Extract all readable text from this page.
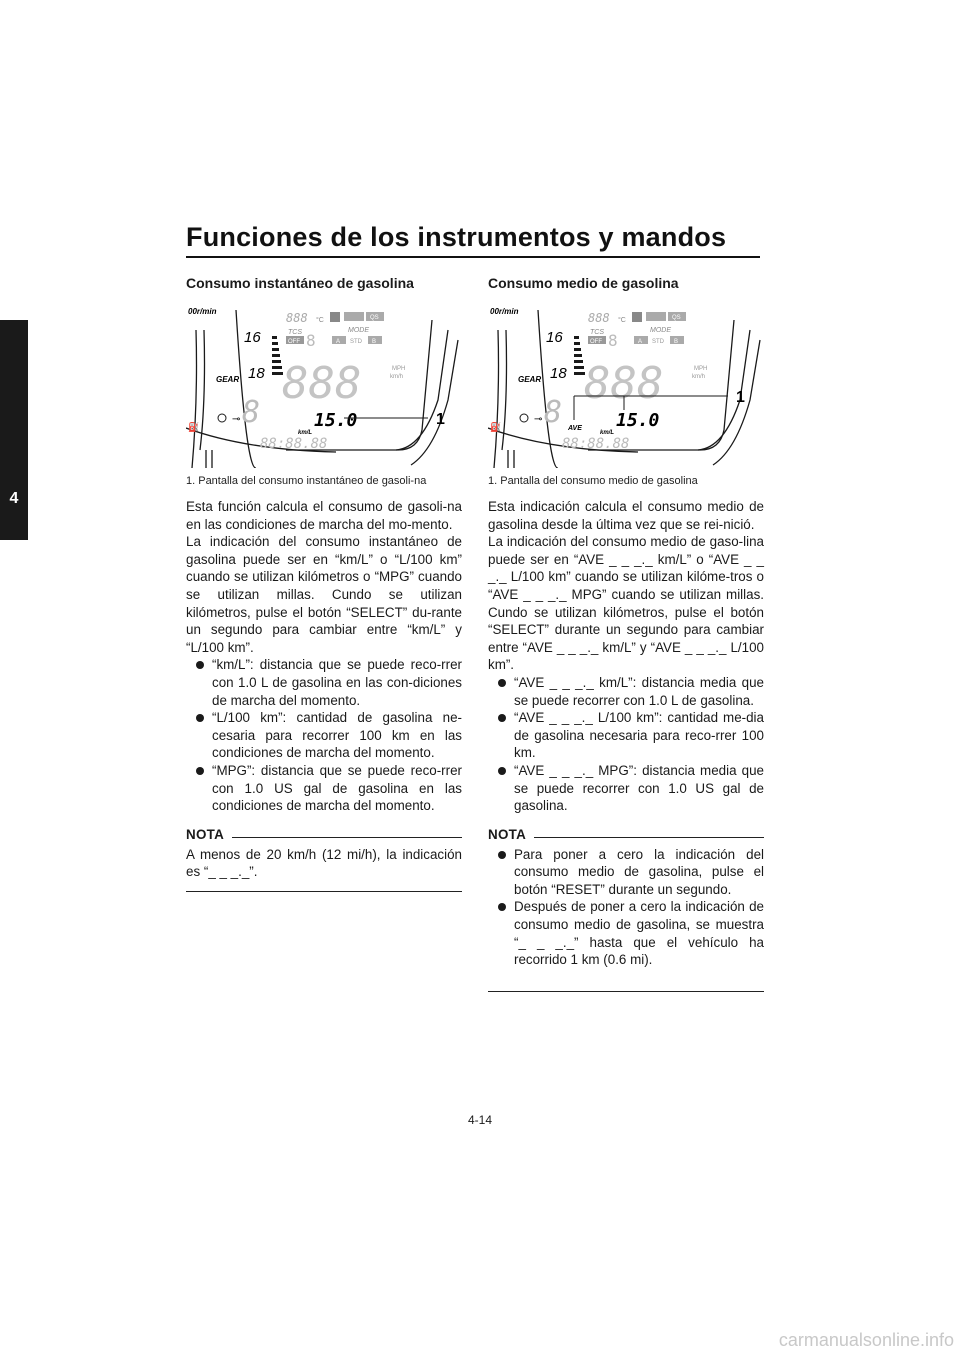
Funciones de los instrumentos y mandos
4
Consumo instantáneo de gasolina
00r/min
16
18
GEAR
8
⊸
⛽
888 °C	QS
TCS
OFF 8
MODE
A STD B
888	MPH
km/h
15.0
km/L
88:88.88
1
1. Pantalla del consumo instantáneo de gasoli-na

Esta función calcula el consumo de gasoli-na en las condiciones de marcha del mo-mento.

La indicación del consumo instantáneo de gasolina puede ser en “km/L” o “L/100 km” cuando se utilizan kilómetros o “MPG” cuando se utilizan millas. Cundo se utilizan kilómetros, pulse el botón “SELECT” du-rante un segundo para cambiar entre “km/L” y “L/100 km”.

“km/L”: distancia que se puede reco-rrer con 1.0 L de gasolina en las con-diciones de marcha del momento.
“L/100 km”: cantidad de gasolina ne-cesaria para recorrer 100 km en las condiciones de marcha del momento.
“MPG”: distancia que se puede reco-rrer con 1.0 US gal de gasolina en las condiciones de marcha del momento.
NOTA

A menos de 20 km/h (12 mi/h), la indicación es “_ _ _._”.

Consumo medio de gasolina
00r/min
16
18
GEAR
8
⊸
⛽
888 °C	QS
TCS
OFF 8
MODE
A STD B
888	MPH
km/h
AVE 15.0
km/L
88:88.88
1
1. Pantalla del consumo medio de gasolina

Esta indicación calcula el consumo medio de gasolina desde la última vez que se rei-nició.

La indicación del consumo medio de gaso-lina puede ser en “AVE _ _ _._ km/L” o “AVE _ _ _._ L/100 km” cuando se utilizan kilóme-tros o “AVE _ _ _._ MPG” cuando se utilizan millas. Cundo se utilizan kilómetros, pulse el botón “SELECT” durante un segundo para cambiar entre “AVE _ _ _._ km/L” y “AVE _ _ _._ L/100 km”.

“AVE _ _ _._ km/L”: distancia media que se puede recorrer con 1.0 L de gasolina.
“AVE _ _ _._ L/100 km”: cantidad me-dia de gasolina necesaria para reco-rrer 100 km.
“AVE _ _ _._ MPG”: distancia media que se puede recorrer con 1.0 US gal de gasolina.
NOTA
Para poner a cero la indicación del consumo medio de gasolina, pulse el botón “RESET” durante un segundo.
Después de poner a cero la indicación de consumo medio de gasolina, se muestra “_ _ _._” hasta que el vehículo ha recorrido 1 km (0.6 mi).
4-14
carmanualsonline.info
